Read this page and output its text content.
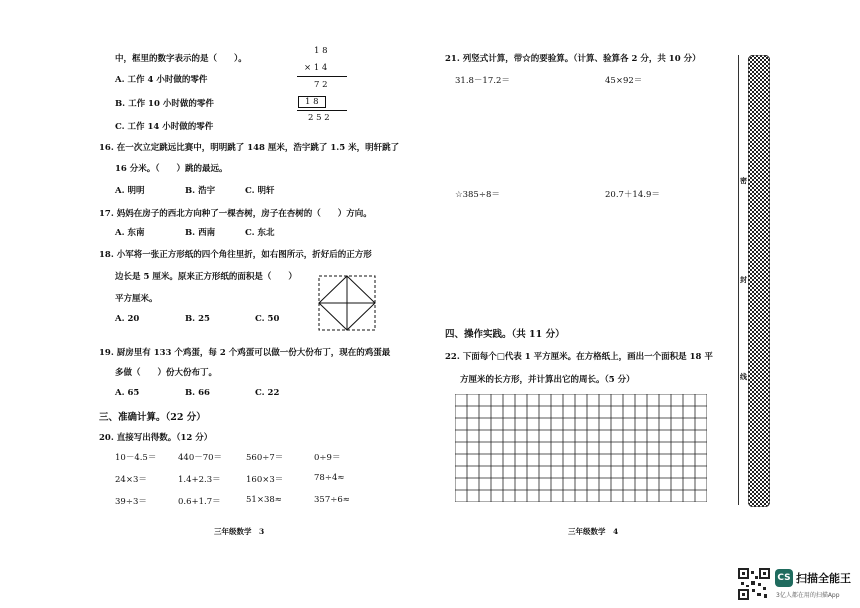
中，框里的数字表示的是（　　）。
1 8
× 1 4
7 2
1 8
2 5 2
A. 工作 4 小时做的零件
B. 工作 10 小时做的零件
C. 工作 14 小时做的零件
16. 在一次立定跳远比赛中，明明跳了 148 厘米，浩宇跳了 1.5 米，明轩跳了
16 分米。（　　）跳的最远。
A. 明明	B. 浩宇	C. 明轩
17. 妈妈在房子的西北方向种了一棵杏树，房子在杏树的（　　）方向。
A. 东南	B. 西南	C. 东北
18. 小军将一张正方形纸的四个角往里折，如右图所示，折好后的正方形
边长是 5 厘米。原来正方形纸的面积是（　　）
平方厘米。
A. 20	B. 25	C. 50
19. 厨房里有 133 个鸡蛋，每 2 个鸡蛋可以做一份大份布丁，现在的鸡蛋最
多做（　　）份大份布丁。
A. 65	B. 66	C. 22
三、准确计算。（22 分）
20. 直接写出得数。（12 分）
10－4.5＝	440－70＝	560÷7＝	0÷9＝
24×3＝	1.4+2.3＝	160×3＝	78÷4≈
39÷3＝	0.6+1.7＝	51×38≈	357÷6≈
三年级数学　3
21. 列竖式计算，带☆的要验算。（计算、验算各 2 分，共 10 分）
31.8－17.2＝	45×92＝
☆385÷8＝	20.7＋14.9＝
四、操作实践。（共 11 分）
22. 下面每个□代表 1 平方厘米。在方格纸上，画出一个面积是 18 平
方厘米的长方形，并计算出它的周长。（5 分）
三年级数学　4
密
封
线
CS 扫描全能王
3亿人都在用的扫描App
